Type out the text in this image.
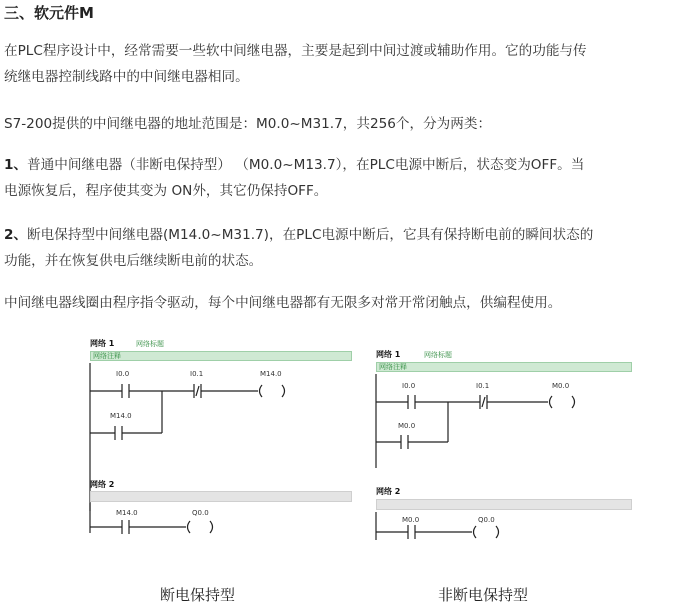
三、软元件M
在PLC程序设计中，经常需要一些软中间继电器，主要是起到中间过渡或辅助作用。它的功能与传
统继电器控制线路中的中间继电器相同。
S7-200提供的中间继电器的地址范围是：M0.0~M31.7，共256个，分为两类：
1、普通中间继电器（非断电保持型） （M0.0~M13.7），在PLC电源中断后，状态变为OFF。当
电源恢复后，程序使其变为 ON外，其它仍保持OFF。
2、断电保持型中间继电器(M14.0~M31.7)，在PLC电源中断后，它具有保持断电前的瞬间状态的
功能，并在恢复供电后继续断电前的状态。
中间继电器线圈由程序指令驱动，每个中间继电器都有无限多对常开常闭触点，供编程使用。
网络 1	网络标题
网络注释
I0.0	I0.1	M14.0
M14.0
网络 2
M14.0	Q0.0
断电保持型
网络 1	网络标题
网络注释
I0.0	I0.1	M0.0
M0.0
网络 2
M0.0	Q0.0
非断电保持型
